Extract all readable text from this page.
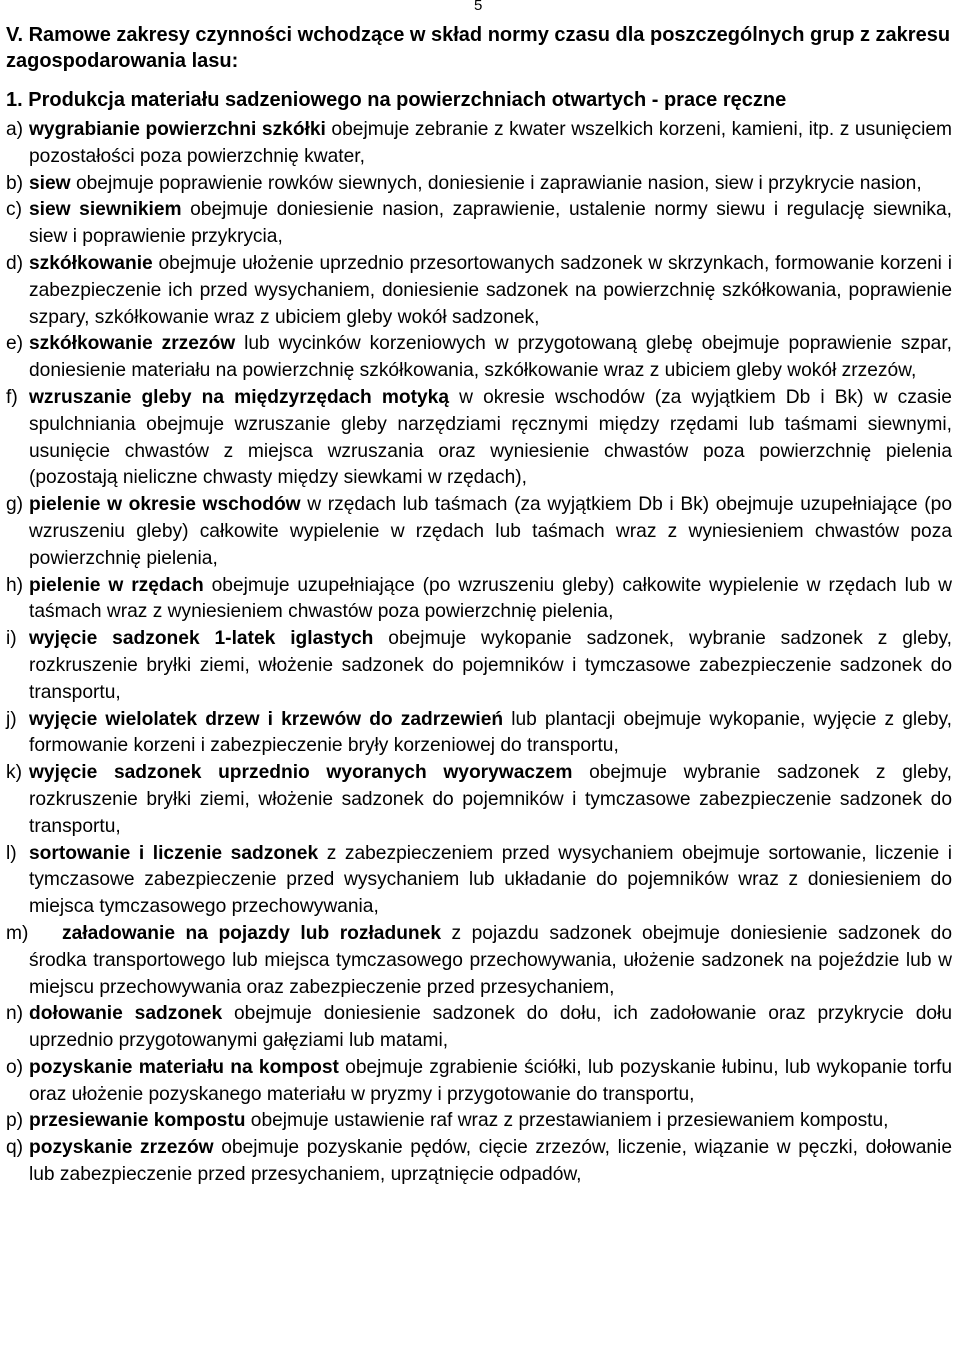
5
V. Ramowe zakresy czynności wchodzące w skład normy czasu dla poszczególnych grup z zakresu zagospodarowania lasu:
1. Produkcja materiału sadzeniowego na powierzchniach otwartych - prace ręczne
a) wygrabianie powierzchni szkółki obejmuje zebranie z kwater wszelkich korzeni, kamieni, itp. z usunięciem pozostałości poza powierzchnię kwater,
b) siew obejmuje poprawienie rowków siewnych, doniesienie i zaprawianie nasion, siew i przykrycie nasion,
c) siew siewnikiem obejmuje doniesienie nasion, zaprawienie, ustalenie normy siewu i regulację siewnika, siew i poprawienie przykrycia,
d) szkółkowanie obejmuje ułożenie uprzednio przesortowanych sadzonek w skrzynkach, formowanie korzeni i zabezpieczenie ich przed wysychaniem, doniesienie sadzonek na powierzchnię szkółkowania, poprawienie szpary, szkółkowanie wraz z ubiciem gleby wokół sadzonek,
e) szkółkowanie zrzezów lub wycinków korzeniowych w przygotowaną glebę obejmuje poprawienie szpar, doniesienie materiału na powierzchnię szkółkowania, szkółkowanie wraz z ubiciem gleby wokół zrzezów,
f) wzruszanie gleby na międzyrzędach motyką w okresie wschodów (za wyjątkiem Db i Bk) w czasie spulchniania obejmuje wzruszanie gleby narzędziami ręcznymi między rzędami lub taśmami siewnymi, usunięcie chwastów z miejsca wzruszania oraz wyniesienie chwastów poza powierzchnię pielenia (pozostają nieliczne chwasty między siewkami w rzędach),
g) pielenie w okresie wschodów w rzędach lub taśmach (za wyjątkiem Db i Bk) obejmuje uzupełniające (po wzruszeniu gleby) całkowite wypielenie w rzędach lub taśmach wraz z wyniesieniem chwastów poza powierzchnię pielenia,
h) pielenie w rzędach obejmuje uzupełniające (po wzruszeniu gleby) całkowite wypielenie w rzędach lub w taśmach wraz z wyniesieniem chwastów poza powierzchnię pielenia,
i) wyjęcie sadzonek 1-latek iglastych obejmuje wykopanie sadzonek, wybranie sadzonek z gleby, rozkruszenie bryłki ziemi, włożenie sadzonek do pojemników i tymczasowe zabezpieczenie sadzonek do transportu,
j) wyjęcie wielolatek drzew i krzewów do zadrzewień lub plantacji obejmuje wykopanie, wyjęcie z gleby, formowanie korzeni i zabezpieczenie bryły korzeniowej do transportu,
k) wyjęcie sadzonek uprzednio wyoranych wyorywaczem obejmuje wybranie sadzonek z gleby, rozkruszenie bryłki ziemi, włożenie sadzonek do pojemników i tymczasowe zabezpieczenie sadzonek do transportu,
l) sortowanie i liczenie sadzonek z zabezpieczeniem przed wysychaniem obejmuje sortowanie, liczenie i tymczasowe zabezpieczenie przed wysychaniem lub układanie do pojemników wraz z doniesieniem do miejsca tymczasowego przechowywania,
m)	załadowanie na pojazdy lub rozładunek z pojazdu sadzonek obejmuje doniesienie sadzonek do środka transportowego lub miejsca tymczasowego przechowywania, ułożenie sadzonek na pojeździe lub w miejscu przechowywania oraz zabezpieczenie przed przesychaniem,
n) dołowanie sadzonek obejmuje doniesienie sadzonek do dołu, ich zadołowanie oraz przykrycie dołu uprzednio przygotowanymi gałęziami lub matami,
o) pozyskanie materiału na kompost obejmuje zgrabienie ściółki, lub pozyskanie łubinu, lub wykopanie torfu oraz ułożenie pozyskanego materiału w pryzmy i przygotowanie do transportu,
p) przesiewanie kompostu obejmuje ustawienie raf wraz z przestawianiem i przesiewaniem kompostu,
q) pozyskanie zrzezów obejmuje pozyskanie pędów, cięcie zrzezów, liczenie, wiązanie w pęczki, dołowanie lub zabezpieczenie przed przesychaniem, uprzątnięcie odpadów,
